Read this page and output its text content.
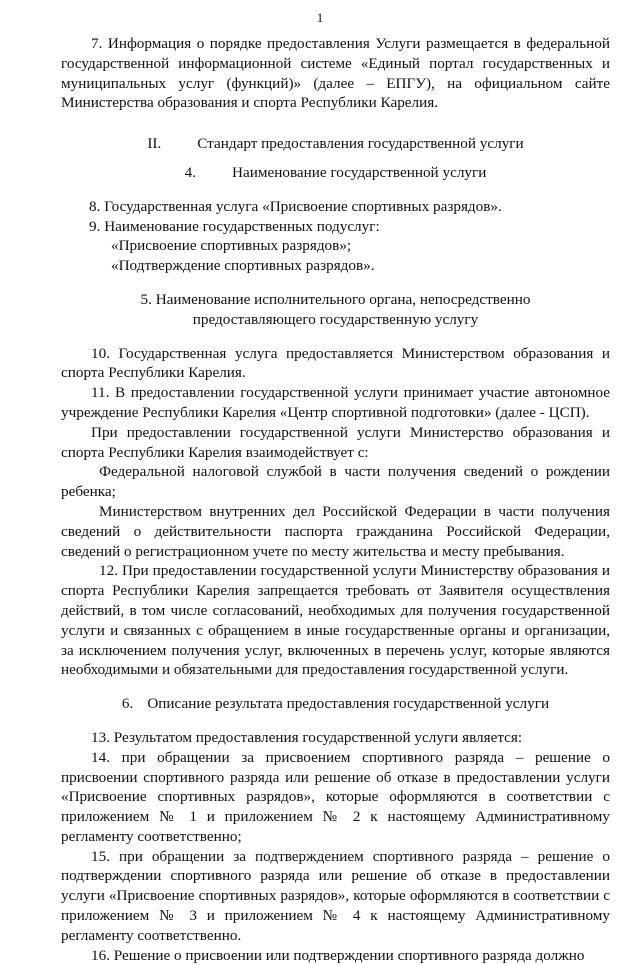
1

7. Информация о порядке предоставления Услуги размещается в федеральной государственной информационной системе «Единый портал государственных и муниципальных услуг (функций)» (далее – ЕПГУ), на официальном сайте Министерства образования и спорта Республики Карелия.

II. Стандарт предоставления государственной услуги

4. Наименование государственной услуги

8. Государственная услуга «Присвоение спортивных разрядов».

9. Наименование государственных подуслуг:

«Присвоение спортивных разрядов»;

«Подтверждение спортивных разрядов».

5. Наименование исполнительного органа, непосредственно

предоставляющего государственную услугу

10. Государственная услуга предоставляется Министерством образования и спорта Республики Карелия.

11. В предоставлении государственной услуги принимает участие автономное учреждение Республики Карелия «Центр спортивной подготовки» (далее - ЦСП).

При предоставлении государственной услуги Министерство образования и спорта Республики Карелия взаимодействует с:

Федеральной налоговой службой в части получения сведений о рождении ребенка;

Министерством внутренних дел Российской Федерации в части получения сведений о действительности паспорта гражданина Российской Федерации, сведений о регистрационном учете по месту жительства и месту пребывания.

12. При предоставлении государственной услуги Министерству образования и спорта Республики Карелия запрещается требовать от Заявителя осуществления действий, в том числе согласований, необходимых для получения государственной услуги и связанных с обращением в иные государственные органы и организации, за исключением получения услуг, включенных в перечень услуг, которые являются необходимыми и обязательными для предоставления государственной услуги.

6. Описание результата предоставления государственной услуги

13. Результатом предоставления государственной услуги является:

14. при обращении за присвоением спортивного разряда – решение о присвоении спортивного разряда или решение об отказе в предоставлении услуги «Присвоение спортивных разрядов», которые оформляются в соответствии с приложением № 1 и приложением № 2 к настоящему Административному регламенту соответственно;

15. при обращении за подтверждением спортивного разряда – решение о подтверждении спортивного разряда или решение об отказе в предоставлении услуги «Присвоение спортивных разрядов», которые оформляются в соответствии с приложением № 3 и приложением № 4 к настоящему Административному регламенту соответственно.

16. Решение о присвоении или подтверждении спортивного разряда должно
